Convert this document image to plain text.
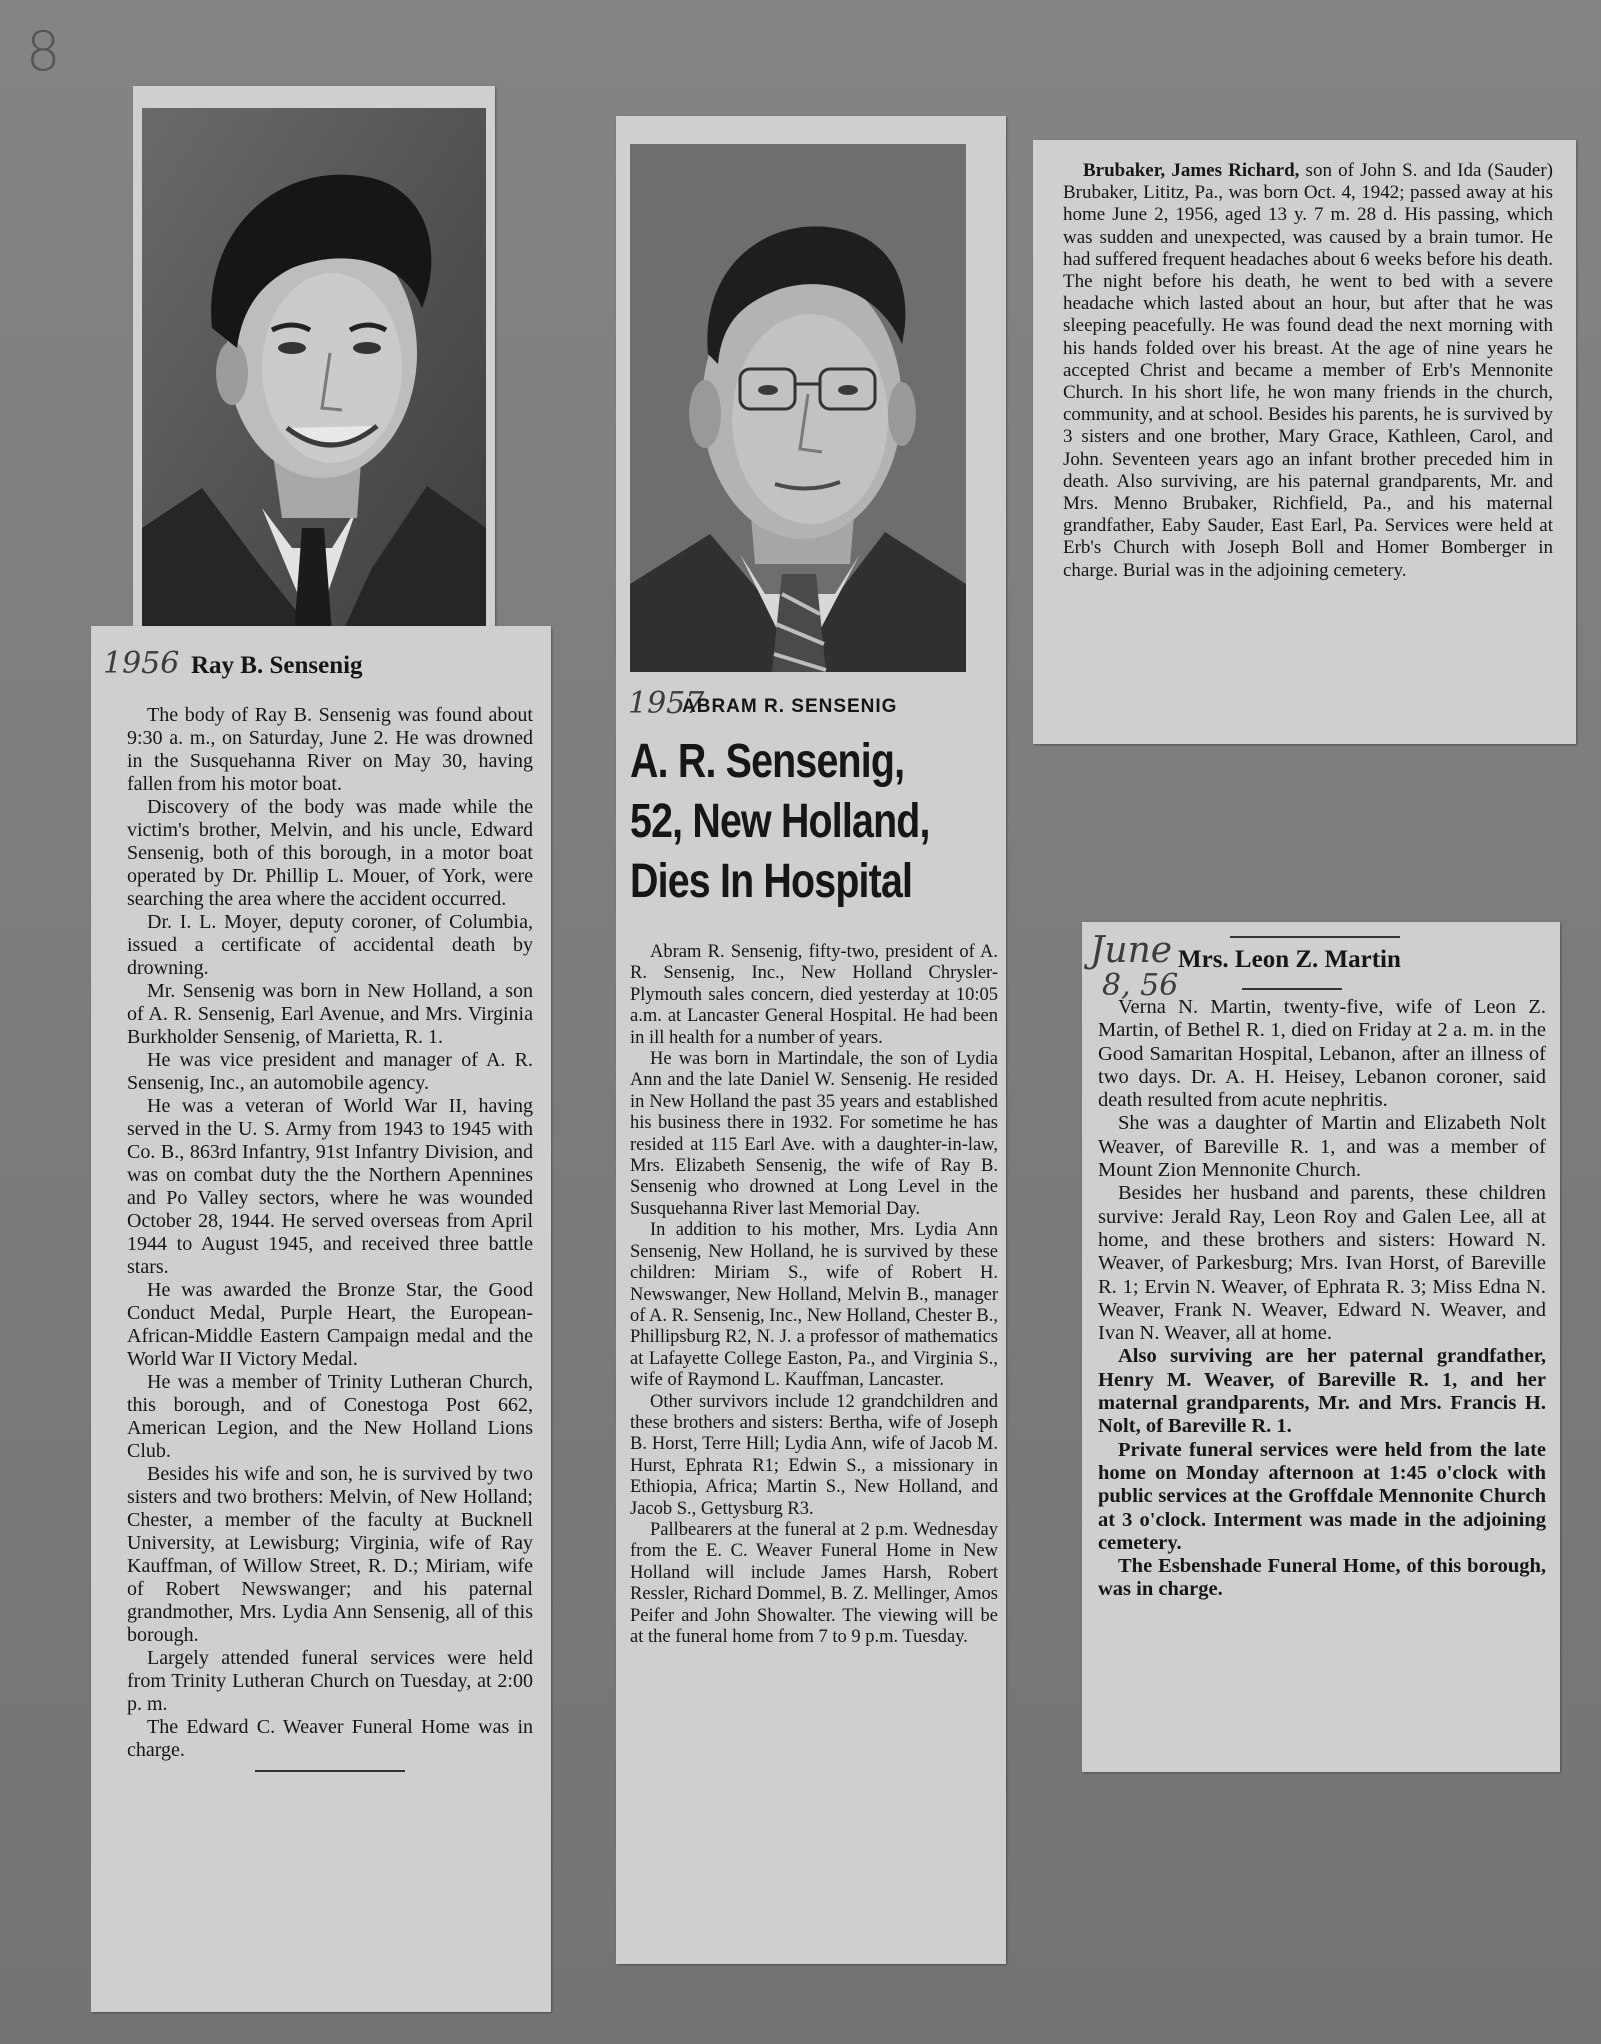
8
1956 Ray B. Sensenig

The body of Ray B. Sensenig was found about 9:30 a. m., on Saturday, June 2. He was drowned in the Susquehanna River on May 30, having fallen from his motor boat.

Discovery of the body was made while the victim's brother, Melvin, and his uncle, Edward Sensenig, both of this borough, in a motor boat operated by Dr. Phillip L. Mouer, of York, were searching the area where the accident occurred.

Dr. I. L. Moyer, deputy coroner, of Columbia, issued a certificate of accidental death by drowning.

Mr. Sensenig was born in New Holland, a son of A. R. Sensenig, Earl Avenue, and Mrs. Virginia Burkholder Sensenig, of Marietta, R. 1.

He was vice president and manager of A. R. Sensenig, Inc., an automobile agency.

He was a veteran of World War II, having served in the U. S. Army from 1943 to 1945 with Co. B., 863rd Infantry, 91st Infantry Division, and was on combat duty the the Northern Apennines and Po Valley sectors, where he was wounded October 28, 1944. He served overseas from April 1944 to August 1945, and received three battle stars.

He was awarded the Bronze Star, the Good Conduct Medal, Purple Heart, the European-African-Middle Eastern Campaign medal and the World War II Victory Medal.

He was a member of Trinity Lutheran Church, this borough, and of Conestoga Post 662, American Legion, and the New Holland Lions Club.

Besides his wife and son, he is survived by two sisters and two brothers: Melvin, of New Holland; Chester, a member of the faculty at Bucknell University, at Lewisburg; Virginia, wife of Ray Kauffman, of Willow Street, R. D.; Miriam, wife of Robert Newswanger; and his paternal grandmother, Mrs. Lydia Ann Sensenig, all of this borough.

Largely attended funeral services were held from Trinity Lutheran Church on Tuesday, at 2:00 p. m.

The Edward C. Weaver Funeral Home was in charge.

1957
ABRAM R. SENSENIG
A. R. Sensenig,
52, New Holland,
Dies In Hospital

Abram R. Sensenig, fifty-two, president of A. R. Sensenig, Inc., New Holland Chrysler-Plymouth sales concern, died yesterday at 10:05 a.m. at Lancaster General Hospital. He had been in ill health for a number of years.

He was born in Martindale, the son of Lydia Ann and the late Daniel W. Sensenig. He resided in New Holland the past 35 years and established his business there in 1932. For sometime he has resided at 115 Earl Ave. with a daughter-in-law, Mrs. Elizabeth Sensenig, the wife of Ray B. Sensenig who drowned at Long Level in the Susquehanna River last Memorial Day.

In addition to his mother, Mrs. Lydia Ann Sensenig, New Holland, he is survived by these children: Miriam S., wife of Robert H. Newswanger, New Holland, Melvin B., manager of A. R. Sensenig, Inc., New Holland, Chester B., Phillipsburg R2, N. J. a professor of mathematics at Lafayette College Easton, Pa., and Virginia S., wife of Raymond L. Kauffman, Lancaster.

Other survivors include 12 grandchildren and these brothers and sisters: Bertha, wife of Joseph B. Horst, Terre Hill; Lydia Ann, wife of Jacob M. Hurst, Ephrata R1; Edwin S., a missionary in Ethiopia, Africa; Martin S., New Holland, and Jacob S., Gettysburg R3.

Pallbearers at the funeral at 2 p.m. Wednesday from the E. C. Weaver Funeral Home in New Holland will include James Harsh, Robert Ressler, Richard Dommel, B. Z. Mellinger, Amos Peifer and John Showalter. The viewing will be at the funeral home from 7 to 9 p.m. Tuesday.

Brubaker, James Richard, son of John S. and Ida (Sauder) Brubaker, Lititz, Pa., was born Oct. 4, 1942; passed away at his home June 2, 1956, aged 13 y. 7 m. 28 d. His passing, which was sudden and unexpected, was caused by a brain tumor. He had suffered frequent headaches about 6 weeks before his death. The night before his death, he went to bed with a severe headache which lasted about an hour, but after that he was sleeping peacefully. He was found dead the next morning with his hands folded over his breast. At the age of nine years he accepted Christ and became a member of Erb's Mennonite Church. In his short life, he won many friends in the church, community, and at school. Besides his parents, he is survived by 3 sisters and one brother, Mary Grace, Kathleen, Carol, and John. Seventeen years ago an infant brother preceded him in death. Also surviving, are his paternal grandparents, Mr. and Mrs. Menno Brubaker, Richfield, Pa., and his maternal grandfather, Eaby Sauder, East Earl, Pa. Services were held at Erb's Church with Joseph Boll and Homer Bomberger in charge. Burial was in the adjoining cemetery.
June
8, 56
Mrs. Leon Z. Martin

Verna N. Martin, twenty-five, wife of Leon Z. Martin, of Bethel R. 1, died on Friday at 2 a. m. in the Good Samaritan Hospital, Lebanon, after an illness of two days. Dr. A. H. Heisey, Lebanon coroner, said death resulted from acute nephritis.

She was a daughter of Martin and Elizabeth Nolt Weaver, of Bareville R. 1, and was a member of Mount Zion Mennonite Church.

Besides her husband and parents, these children survive: Jerald Ray, Leon Roy and Galen Lee, all at home, and these brothers and sisters: Howard N. Weaver, of Parkesburg; Mrs. Ivan Horst, of Bareville R. 1; Ervin N. Weaver, of Ephrata R. 3; Miss Edna N. Weaver, Frank N. Weaver, Edward N. Weaver, and Ivan N. Weaver, all at home.

Also surviving are her paternal grandfather, Henry M. Weaver, of Bareville R. 1, and her maternal grandparents, Mr. and Mrs. Francis H. Nolt, of Bareville R. 1.

Private funeral services were held from the late home on Monday afternoon at 1:45 o'clock with public services at the Groffdale Mennonite Church at 3 o'clock. Interment was made in the adjoining cemetery.

The Esbenshade Funeral Home, of this borough, was in charge.
